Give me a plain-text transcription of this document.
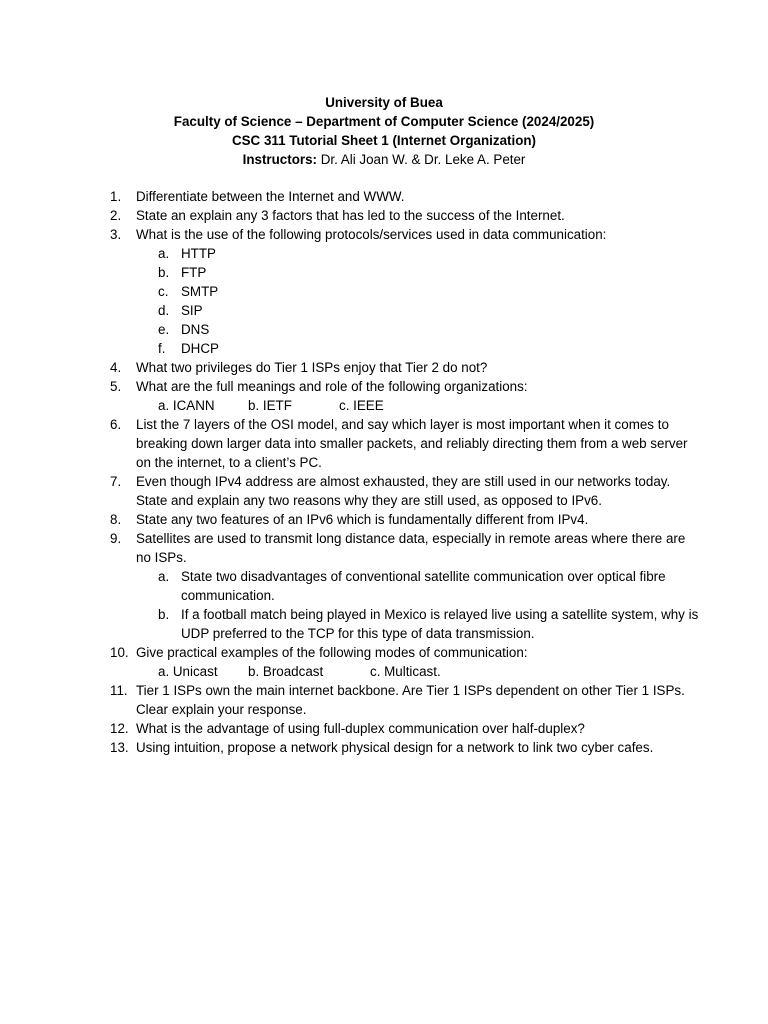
University of Buea
Faculty of Science – Department of Computer Science (2024/2025)
CSC 311 Tutorial Sheet 1 (Internet Organization)
Instructors: Dr. Ali Joan W. & Dr. Leke A. Peter
1. Differentiate between the Internet and WWW.
2. State an explain any 3 factors that has led to the success of the Internet.
3. What is the use of the following protocols/services used in data communication:
a. HTTP
b. FTP
c. SMTP
d. SIP
e. DNS
f. DHCP
4. What two privileges do Tier 1 ISPs enjoy that Tier 2 do not?
5. What are the full meanings and role of the following organizations:
a. ICANN b. IETF	c. IEEE
6. List the 7 layers of the OSI model, and say which layer is most important when it comes to breaking down larger data into smaller packets, and reliably directing them from a web server on the internet, to a client’s PC.
7. Even though IPv4 address are almost exhausted, they are still used in our networks today. State and explain any two reasons why they are still used, as opposed to IPv6.
8. State any two features of an IPv6 which is fundamentally different from IPv4.
9. Satellites are used to transmit long distance data, especially in remote areas where there are no ISPs.
a. State two disadvantages of conventional satellite communication over optical fibre communication.
b. If a football match being played in Mexico is relayed live using a satellite system, why is UDP preferred to the TCP for this type of data transmission.
10. Give practical examples of the following modes of communication:
a. Unicast b. Broadcast	c. Multicast.
11. Tier 1 ISPs own the main internet backbone. Are Tier 1 ISPs dependent on other Tier 1 ISPs. Clear explain your response.
12. What is the advantage of using full-duplex communication over half-duplex?
13. Using intuition, propose a network physical design for a network to link two cyber cafes.
